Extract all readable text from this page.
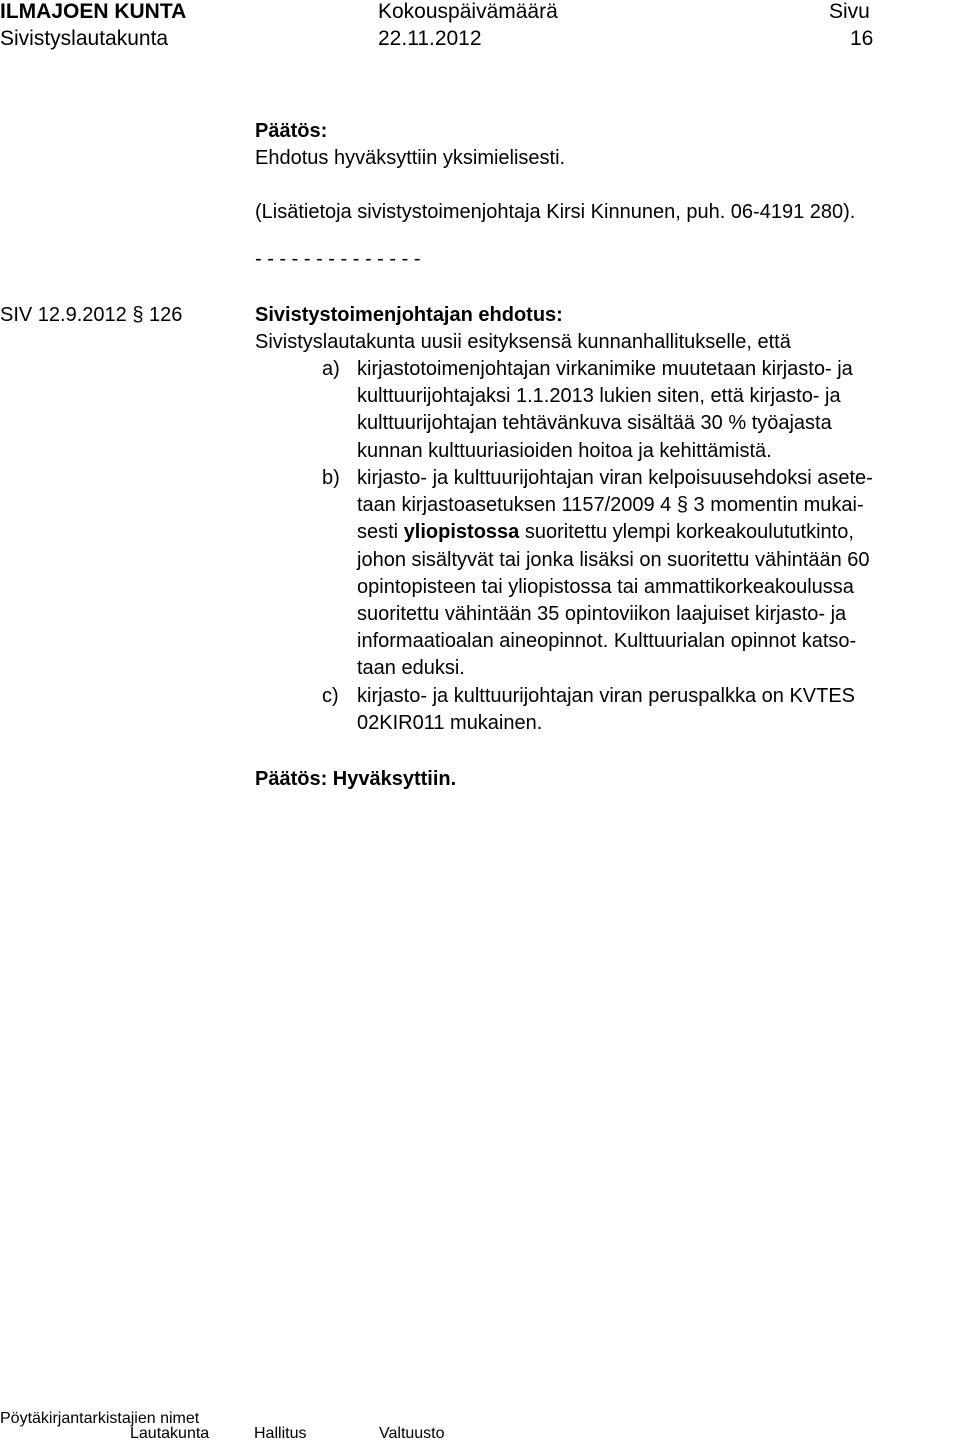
ILMAJOEN KUNTA	Kokouspäivämäärä	Sivu
Sivistyslautakunta	22.11.2012	16
Päätös:
Ehdotus hyväksyttiin yksimielisesti.
(Lisätietoja sivistystoimenjohtaja Kirsi Kinnunen, puh. 06-4191 280).
- - - - - - - - - - - - - -
SIV 12.9.2012 § 126	Sivistystoimenjohtajan ehdotus:
Sivistyslautakunta uusii esityksensä kunnanhallitukselle, että
a) kirjastotoimenjohtajan virkanimike muutetaan kirjasto- ja
kulttuurijohtajaksi 1.1.2013 lukien siten, että kirjasto- ja
kulttuurijohtajan tehtävänkuva sisältää 30 % työajasta
kunnan kulttuuriasioiden hoitoa ja kehittämistä.
b) kirjasto- ja kulttuurijohtajan viran kelpoisuusehdoksi asete-
taan kirjastoasetuksen 1157/2009 4 § 3 momentin mukai-
sesti yliopistossa suoritettu ylempi korkeakoulututkinto,
johon sisältyvät tai jonka lisäksi on suoritettu vähintään 60
opintopisteen tai yliopistossa tai ammattikorkeakoulussa
suoritettu vähintään 35 opintoviikon laajuiset kirjasto- ja
informaatioalan aineopinnot. Kulttuurialan opinnot katso-
taan eduksi.
c) kirjasto- ja kulttuurijohtajan viran peruspalkka on KVTES
02KIR011 mukainen.
Päätös: Hyväksyttiin.
Pöytäkirjantarkistajien nimet
Lautakunta	Hallitus	Valtuusto
